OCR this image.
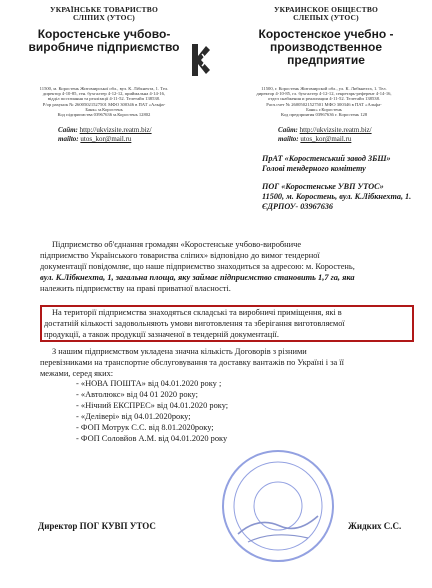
УКРАЇНСЬКЕ ТОВАРИСТВО
СЛІПИХ (УТОС)
Коростенське учбово-
виробниче підприємство
УКРАИНСКОЕ ОБЩЕСТВО
СЛЕПЫХ (УТОС)
Коростенское учебно -
производственное
предприятие
11500, м. Коростень Житомирської обл., вул. К. Лібкнехта, 1. Тел.
директор 4-10-85, ген. бухгалтер 4-12-12, приймальна 4-14-16,
відділ постачання та реалізації 4-11-52. Телетайп 138538.
Р/ор рахунок № 26005021527501 МФО 300346 в ПАТ «Альфа-
Банк» м.Коростень
Код підприємства 03967636 м.Коростень 12802
11500, г. Коростень Житомирской обл., ул. К. Либкнехта, 1. Тел.
директор 4-10-85, гл. бухгалтер 4-12-12, секретарь-референт 4-14-16,
отдел снабжения и реализации 4-11-52. Телетайп 138538.
Расч.счет № 26005021527501 МФО 300346 в ПАТ «Альфа-
Банк» г.Коростень
Код предприятия 03967636 г. Коростень 128
Сайт: http://ukvizsite.reatm.biz/
mailto: utos_kor@mail.ru
Сайт: http://ukvizsite.reatm.biz/
mailto: utos_kor@mail.ru
ПрАТ «Коростенський завод ЗБШ»
Голові тендерного комітету
ПОГ «Коростенське УВП УТОС»
11500, м. Коростень, вул. К.Лібкнехта, 1.
ЄДРПОУ- 03967636
Підприємство об'єднання громадян «Коростенське учбово-виробниче
підприємство Українського товариства сліпих» відповідно до вимог тендерної
документації повідомляє, що наше підприємство знаходиться за адресою: м. Коростень,
вул. К.Лібкнехта, 1, загальна площа, яку займає підприємство становить 1,7 га, яка
належить підприємству на праві приватної власності.
На території підприємства знаходяться складські та виробничі приміщення, які в
достатній кількості задовольняють умови виготовлення та зберігання виготовляємої
продукції, а також продукції зазначеної в тендерній документації.
З нашим підприємством укладена значна кількість Договорів з різними
перевізниками на транспортне обслуговування та доставку вантажів по Україні і за її
межами, серед яких:
- «НОВА ПОШТА» від 04.01.2020 року ;
- «Автолюкс» від 04 01 2020 року;
- «Нічний ЕКСПРЕС» від 04.01.2020 року;
- «Делівері» від 04.01.2020року;
- ФОП Мотрук С.С. від 8.01.2020року;
- ФОП Соловйов А.М. від 04.01.2020 року
Директор ПОГ КУВП УТОС	Жидких С.С.
